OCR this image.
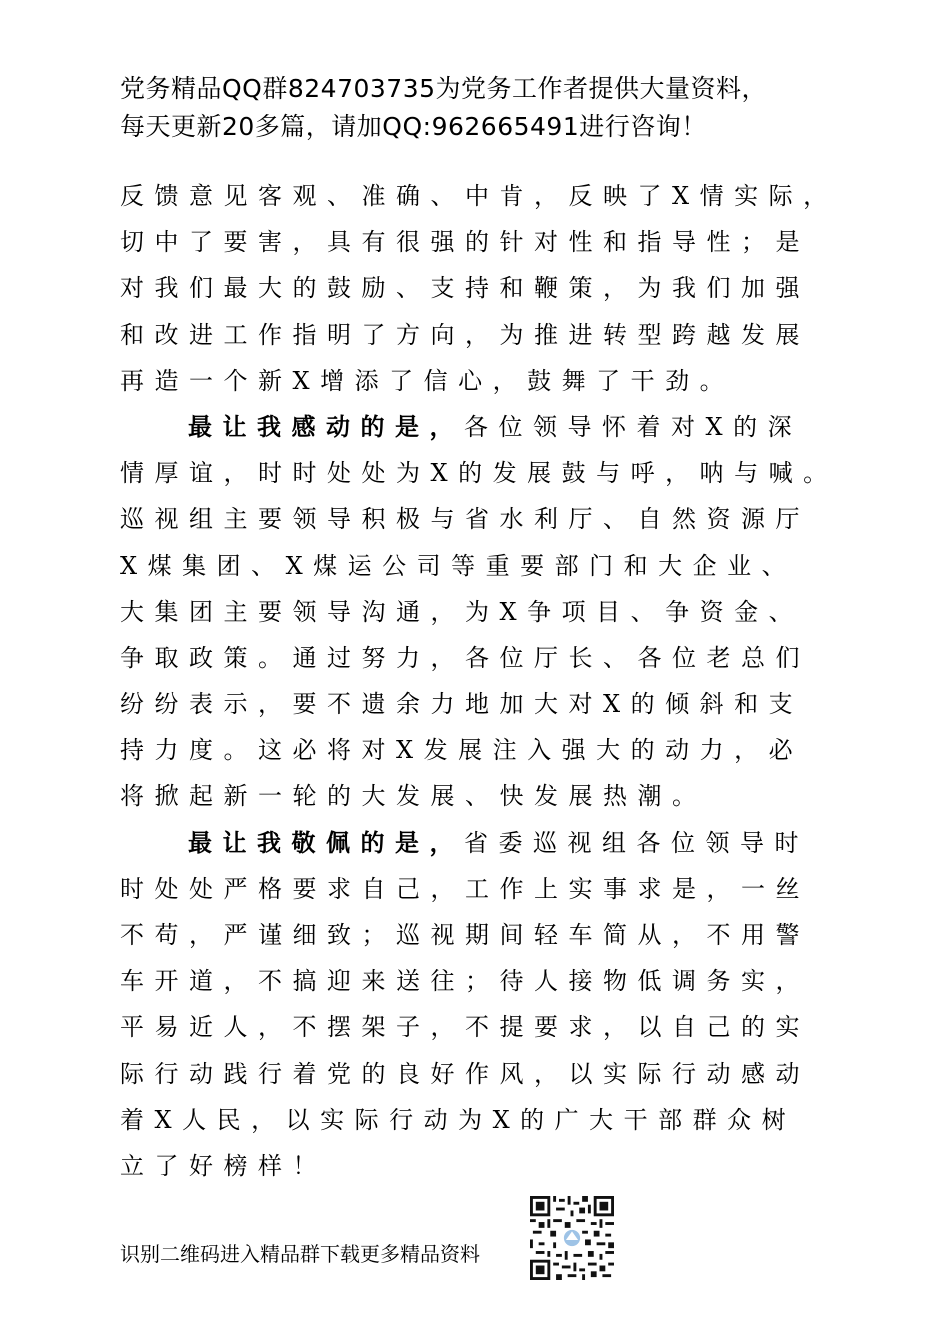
党务精品QQ群824703735为党务工作者提供大量资料，
每天更新20多篇，请加QQ:962665491进行咨询！
反馈意见客观、准确、中肯，反映了X情实际，
切中了要害，具有很强的针对性和指导性；是
对我们最大的鼓励、支持和鞭策，为我们加强
和改进工作指明了方向，为推进转型跨越发展
再造一个新X增添了信心，鼓舞了干劲。
最让我感动的是，各位领导怀着对X的深
情厚谊，时时处处为X的发展鼓与呼，呐与喊。
巡视组主要领导积极与省水利厅、自然资源厅
X煤集团、X煤运公司等重要部门和大企业、
大集团主要领导沟通，为X争项目、争资金、
争取政策。通过努力，各位厅长、各位老总们
纷纷表示，要不遗余力地加大对X的倾斜和支
持力度。这必将对X发展注入强大的动力，必
将掀起新一轮的大发展、快发展热潮。
最让我敬佩的是，省委巡视组各位领导时
时处处严格要求自己，工作上实事求是，一丝
不苟，严谨细致；巡视期间轻车简从，不用警
车开道，不搞迎来送往；待人接物低调务实，
平易近人，不摆架子，不提要求，以自己的实
际行动践行着党的良好作风，以实际行动感动
着X人民，以实际行动为X的广大干部群众树
立了好榜样！
识别二维码进入精品群下载更多精品资料
